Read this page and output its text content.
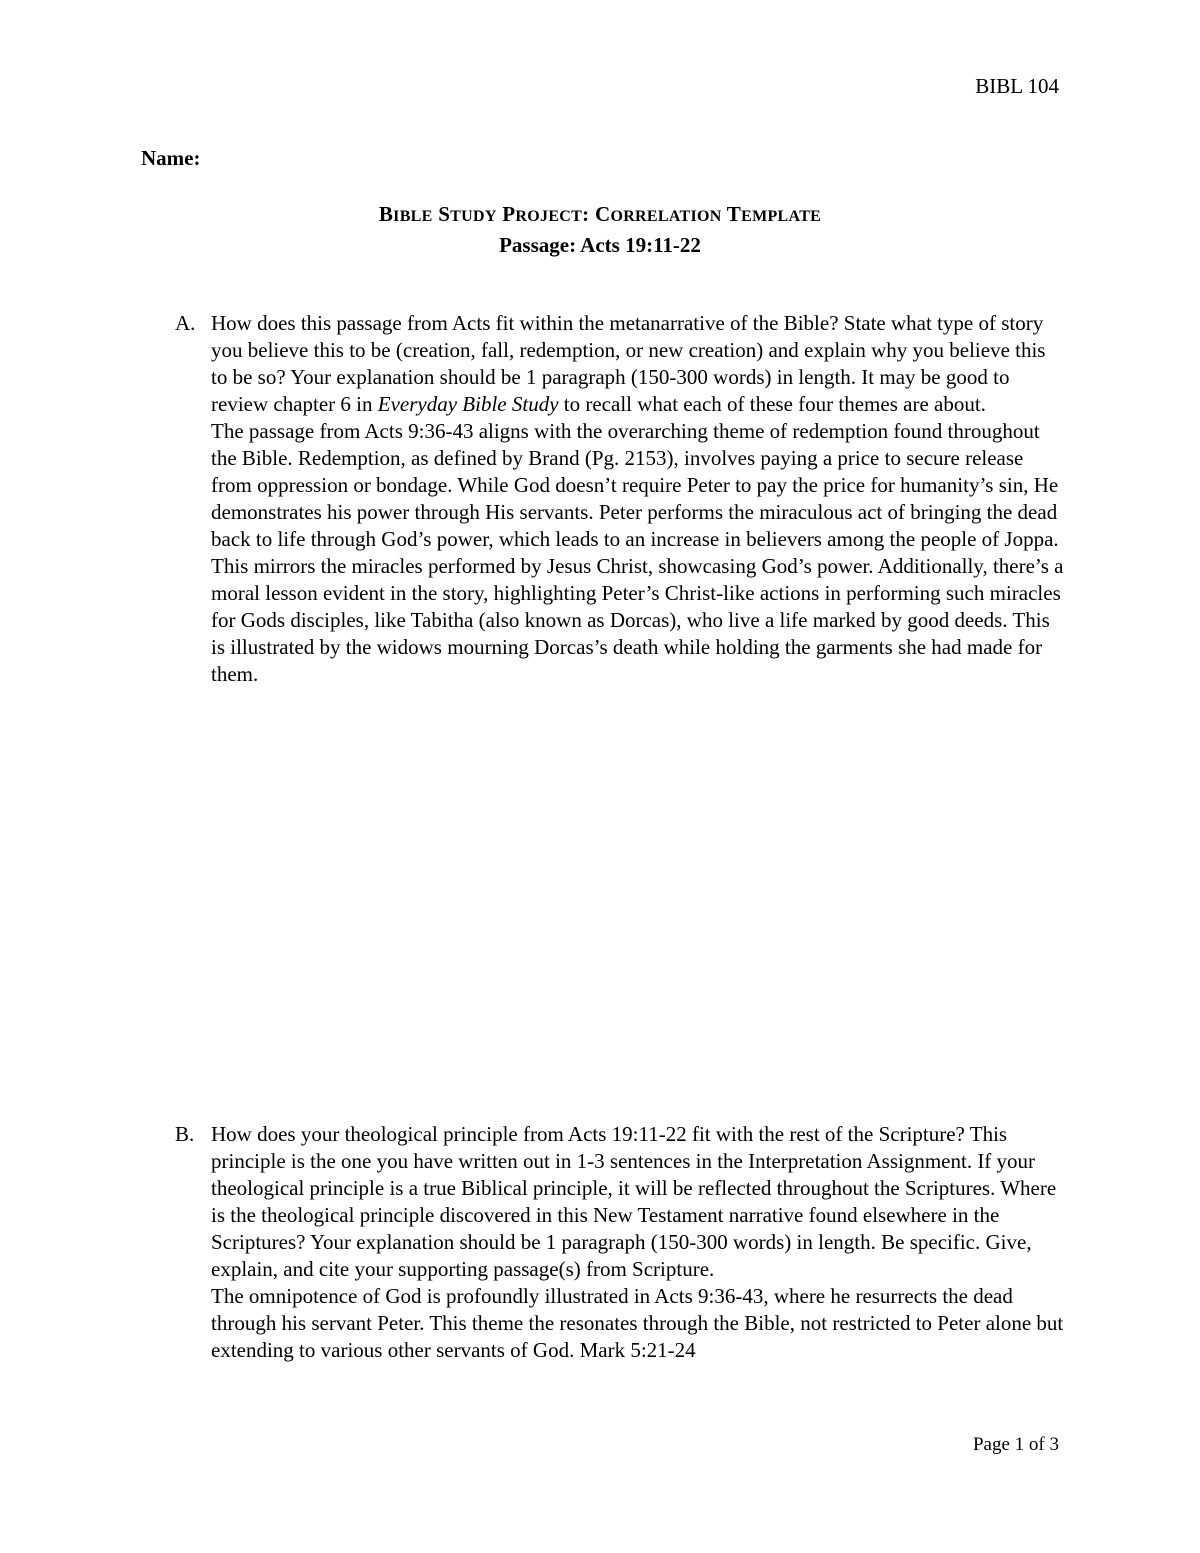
BIBL 104
Name:
BIBLE STUDY PROJECT: CORRELATION TEMPLATE
Passage: Acts 19:11-22
A. How does this passage from Acts fit within the metanarrative of the Bible? State what type of story you believe this to be (creation, fall, redemption, or new creation) and explain why you believe this to be so? Your explanation should be 1 paragraph (150-300 words) in length. It may be good to review chapter 6 in Everyday Bible Study to recall what each of these four themes are about.

The passage from Acts 9:36-43 aligns with the overarching theme of redemption found throughout the Bible. Redemption, as defined by Brand (Pg. 2153), involves paying a price to secure release from oppression or bondage. While God doesn’t require Peter to pay the price for humanity’s sin, He demonstrates his power through His servants. Peter performs the miraculous act of bringing the dead back to life through God’s power, which leads to an increase in believers among the people of Joppa. This mirrors the miracles performed by Jesus Christ, showcasing God’s power. Additionally, there’s a moral lesson evident in the story, highlighting Peter’s Christ-like actions in performing such miracles for Gods disciples, like Tabitha (also known as Dorcas), who live a life marked by good deeds. This is illustrated by the widows mourning Dorcas’s death while holding the garments she had made for them.

B. How does your theological principle from Acts 19:11-22 fit with the rest of the Scripture? This principle is the one you have written out in 1-3 sentences in the Interpretation Assignment. If your theological principle is a true Biblical principle, it will be reflected throughout the Scriptures. Where is the theological principle discovered in this New Testament narrative found elsewhere in the Scriptures? Your explanation should be 1 paragraph (150-300 words) in length. Be specific. Give, explain, and cite your supporting passage(s) from Scripture.

The omnipotence of God is profoundly illustrated in Acts 9:36-43, where he resurrects the dead through his servant Peter. This theme the resonates through the Bible, not restricted to Peter alone but extending to various other servants of God. Mark 5:21-24

Page 1 of 3
